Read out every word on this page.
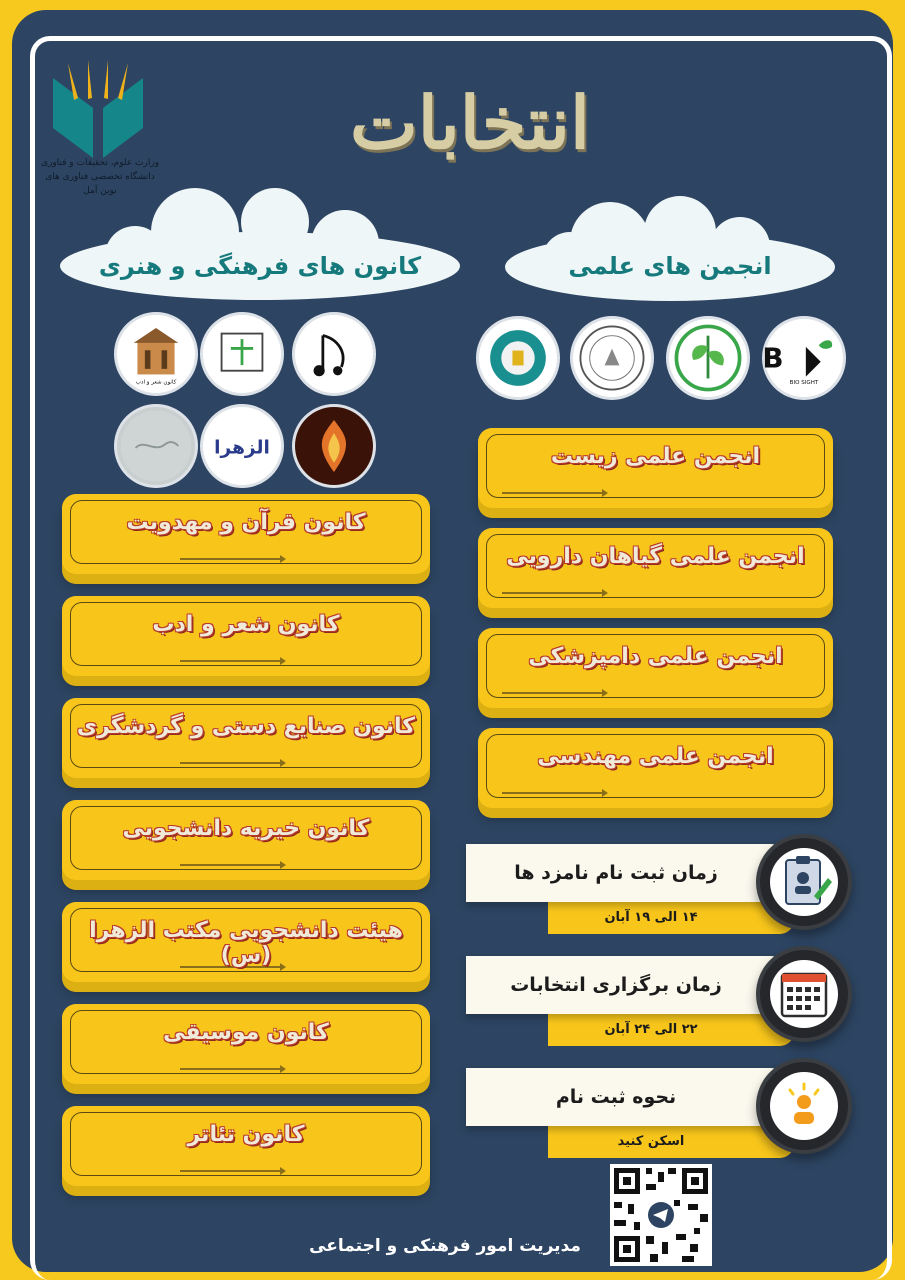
وزارت علوم، تحقیقات و فناوری
دانشگاه تخصصی فناوری های نوین آمل
انتخابات
انجمن های علمی
کانون های فرهنگی و هنری
B
BIO SIGHT
کانون شعر و ادب
الزهرا	انجمن علمی زیست
انجمن علمی گیاهان دارویی
انجمن علمی دامپزشکی
انجمن علمی مهندسی
کانون قرآن و مهدویت
کانون شعر و ادب
کانون صنایع دستی و گردشگری
کانون خیریه دانشجویی
هیئت دانشجویی مکتب الزهرا (س)
کانون موسیقی
کانون تئاتر
۱۴ الی ۱۹ آبان
زمان ثبت نام نامزد ها
۲۲ الی ۲۴ آبان
زمان برگزاری انتخابات
اسکن کنید
نحوه ثبت نام
مدیریت امور فرهنکی و اجتماعی
